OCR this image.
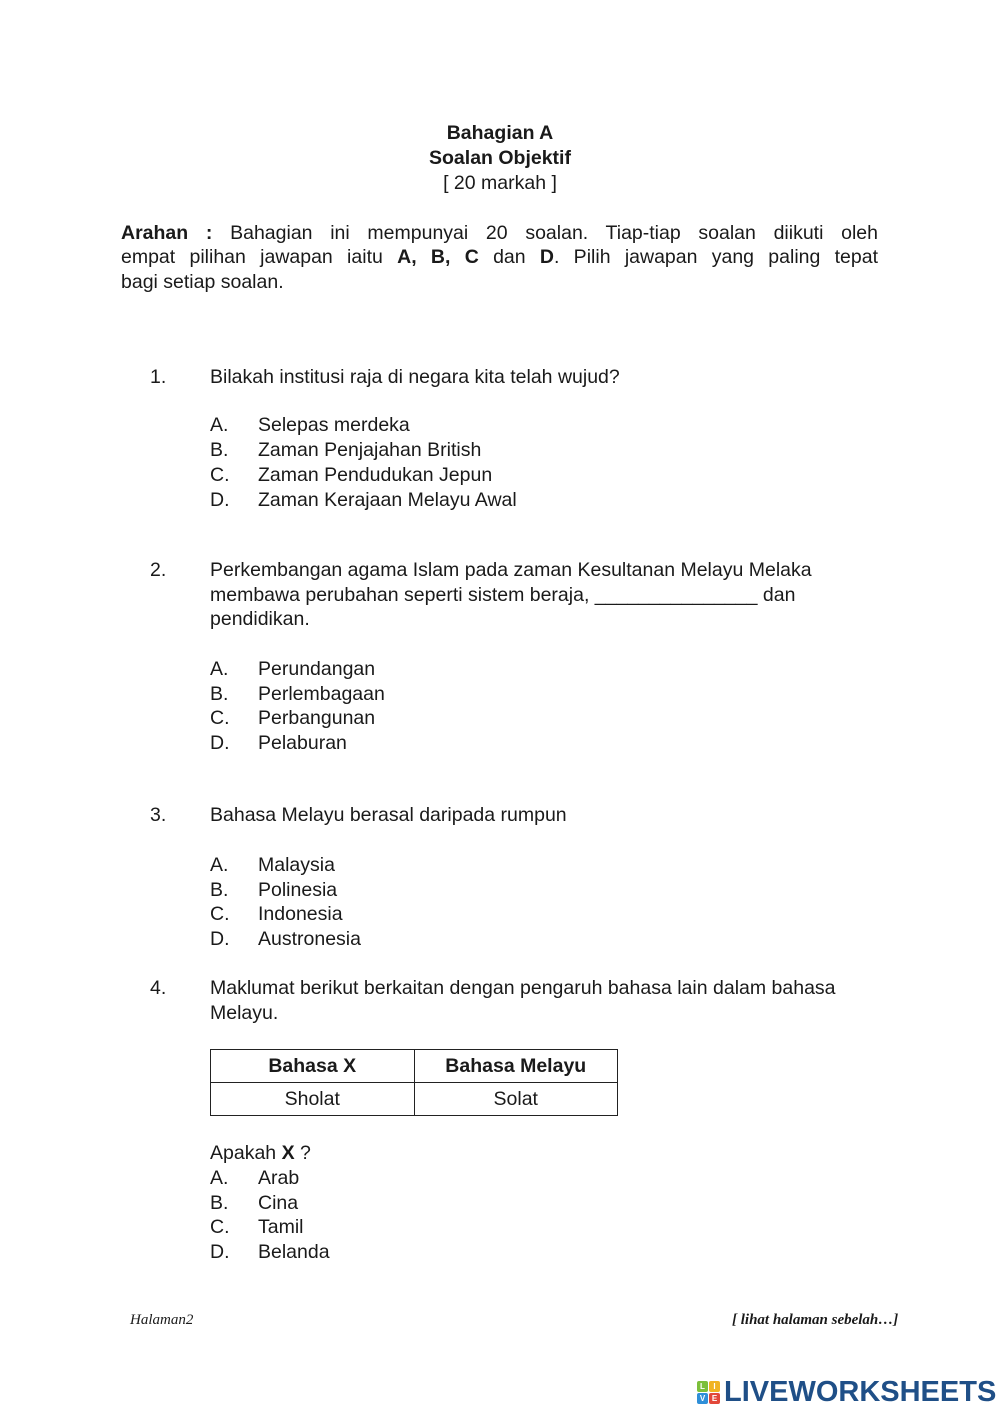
Bahagian A
Soalan Objektif
[ 20 markah ]
Arahan : Bahagian ini mempunyai 20 soalan. Tiap-tiap soalan diikuti oleh
empat pilihan jawapan iaitu A, B, C dan D. Pilih jawapan yang paling tepat
bagi setiap soalan.
1. Bilakah institusi raja di negara kita telah wujud?
A. Selepas merdeka
B. Zaman Penjajahan British
C. Zaman Pendudukan Jepun
D. Zaman Kerajaan Melayu Awal
2. Perkembangan agama Islam pada zaman Kesultanan Melayu Melaka
membawa perubahan seperti sistem beraja, _______________ dan
pendidikan.
A. Perundangan
B. Perlembagaan
C. Perbangunan
D. Pelaburan
3. Bahasa Melayu berasal daripada rumpun
A. Malaysia
B. Polinesia
C. Indonesia
D. Austronesia
4. Maklumat berikut berkaitan dengan pengaruh bahasa lain dalam bahasa
Melayu.
A. Arab
B. Cina
C. Tamil
D. Belanda
Bahasa X	Bahasa Melayu
Sholat	Solat
Apakah X ?
Halaman2	[ lihat halaman sebelah…]
L	I
V E LIVEWORKSHEETS
